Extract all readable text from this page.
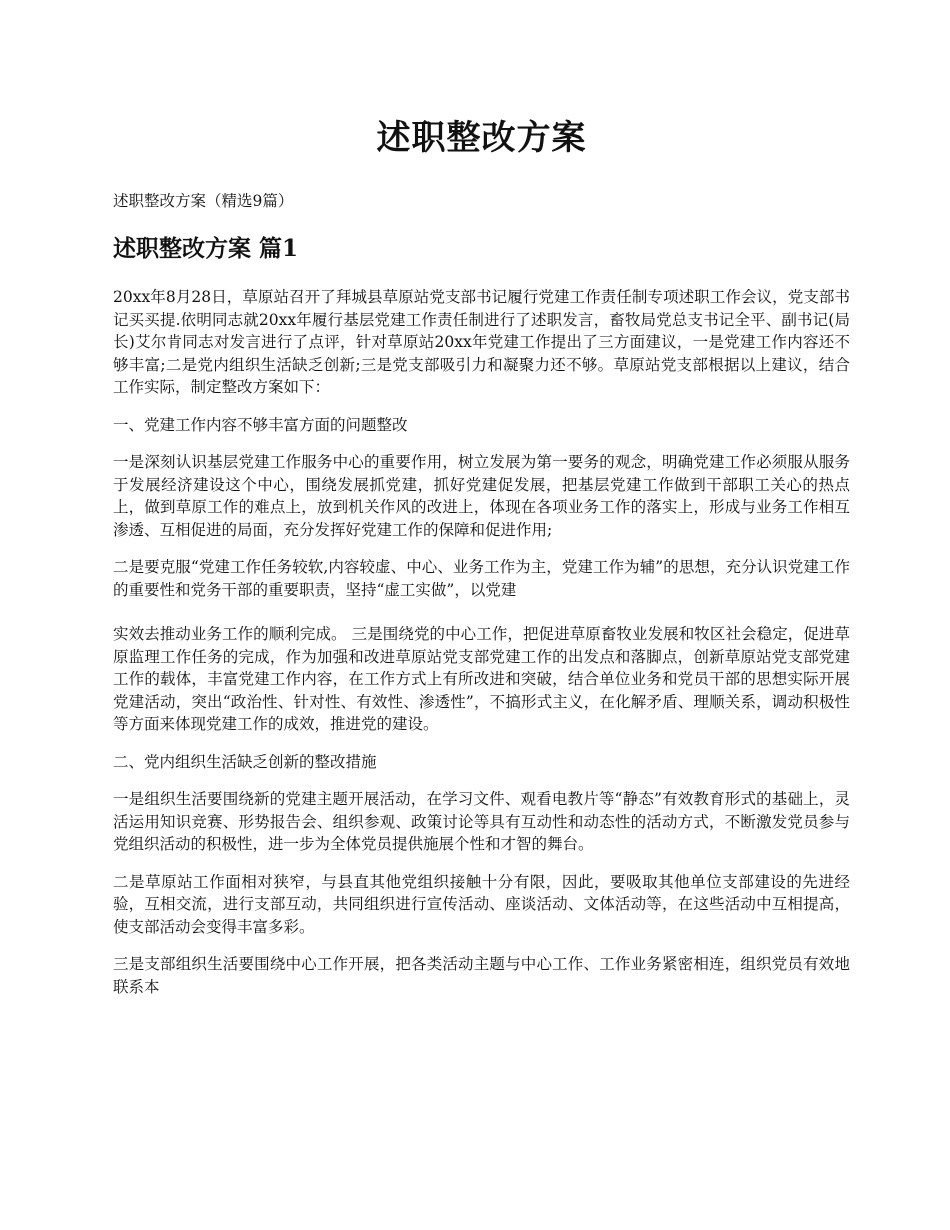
述职整改方案

述职整改方案（精选9篇）

述职整改方案 篇1

20xx年8月28日，草原站召开了拜城县草原站党支部书记履行党建工作责任制专项述职工作会议，党支部书记买买提.依明同志就20xx年履行基层党建工作责任制进行了述职发言，畜牧局党总支书记全平、副书记(局长)艾尔肯同志对发言进行了点评，针对草原站20xx年党建工作提出了三方面建议，一是党建工作内容还不够丰富;二是党内组织生活缺乏创新;三是党支部吸引力和凝聚力还不够。草原站党支部根据以上建议，结合工作实际，制定整改方案如下：

一、党建工作内容不够丰富方面的问题整改

一是深刻认识基层党建工作服务中心的重要作用，树立发展为第一要务的观念，明确党建工作必须服从服务于发展经济建设这个中心，围绕发展抓党建，抓好党建促发展，把基层党建工作做到干部职工关心的热点上，做到草原工作的难点上，放到机关作风的改进上，体现在各项业务工作的落实上，形成与业务工作相互渗透、互相促进的局面，充分发挥好党建工作的保障和促进作用;

二是要克服“党建工作任务较软,内容较虚、中心、业务工作为主，党建工作为辅”的思想，充分认识党建工作的重要性和党务干部的重要职责，坚持“虚工实做”，以党建

实效去推动业务工作的顺利完成。 三是围绕党的中心工作，把促进草原畜牧业发展和牧区社会稳定，促进草原监理工作任务的完成，作为加强和改进草原站党支部党建工作的出发点和落脚点，创新草原站党支部党建工作的载体，丰富党建工作内容，在工作方式上有所改进和突破，结合单位业务和党员干部的思想实际开展党建活动，突出“政治性、针对性、有效性、渗透性”，不搞形式主义，在化解矛盾、理顺关系，调动积极性等方面来体现党建工作的成效，推进党的建设。

二、党内组织生活缺乏创新的整改措施

一是组织生活要围绕新的党建主题开展活动，在学习文件、观看电教片等“静态”有效教育形式的基础上，灵活运用知识竞赛、形势报告会、组织参观、政策讨论等具有互动性和动态性的活动方式，不断激发党员参与党组织活动的积极性，进一步为全体党员提供施展个性和才智的舞台。

二是草原站工作面相对狭窄，与县直其他党组织接触十分有限，因此，要吸取其他单位支部建设的先进经验，互相交流，进行支部互动，共同组织进行宣传活动、座谈活动、文体活动等，在这些活动中互相提高，使支部活动会变得丰富多彩。

三是支部组织生活要围绕中心工作开展，把各类活动主题与中心工作、工作业务紧密相连，组织党员有效地联系本
